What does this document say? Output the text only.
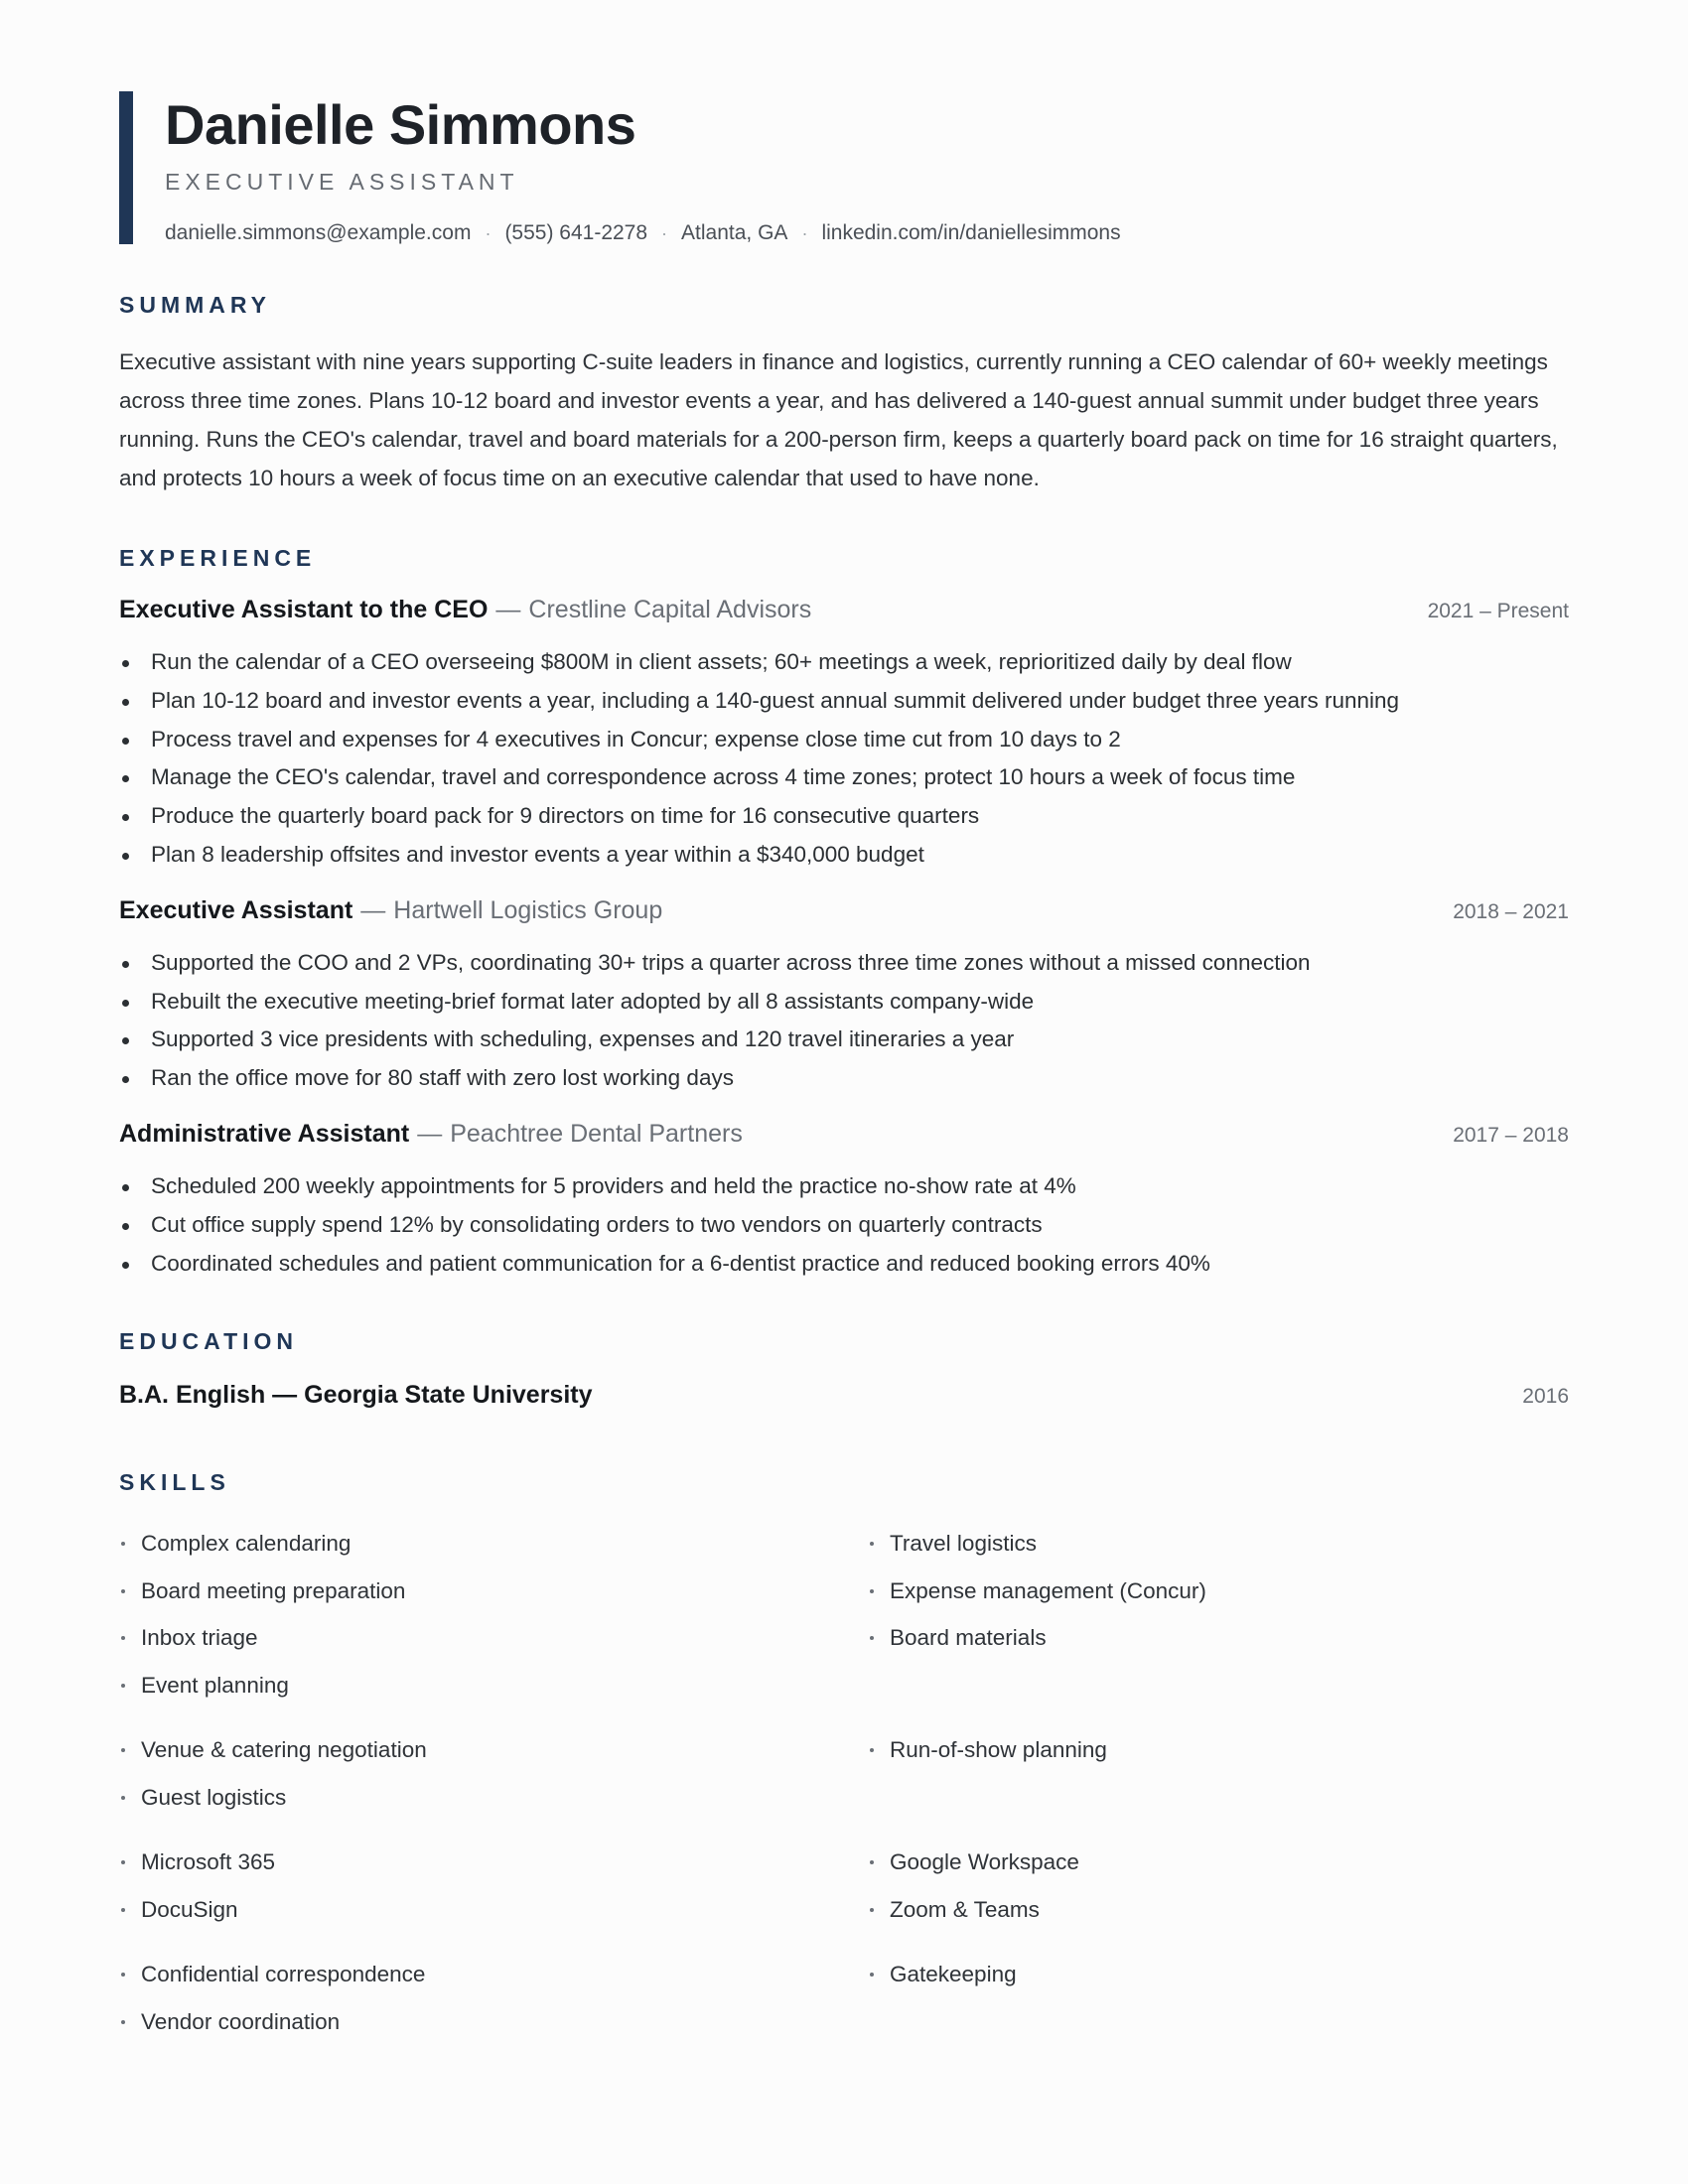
Danielle Simmons
EXECUTIVE ASSISTANT
danielle.simmons@example.com · (555) 641-2278 · Atlanta, GA · linkedin.com/in/daniellesimmons
SUMMARY

Executive assistant with nine years supporting C-suite leaders in finance and logistics, currently running a CEO calendar of 60+ weekly meetings across three time zones. Plans 10-12 board and investor events a year, and has delivered a 140-guest annual summit under budget three years running. Runs the CEO's calendar, travel and board materials for a 200-person firm, keeps a quarterly board pack on time for 16 straight quarters, and protects 10 hours a week of focus time on an executive calendar that used to have none.

EXPERIENCE
Executive Assistant to the CEO — Crestline Capital Advisors	2021 – Present
Run the calendar of a CEO overseeing $800M in client assets; 60+ meetings a week, reprioritized daily by deal flow
Plan 10-12 board and investor events a year, including a 140-guest annual summit delivered under budget three years running
Process travel and expenses for 4 executives in Concur; expense close time cut from 10 days to 2
Manage the CEO's calendar, travel and correspondence across 4 time zones; protect 10 hours a week of focus time
Produce the quarterly board pack for 9 directors on time for 16 consecutive quarters
Plan 8 leadership offsites and investor events a year within a $340,000 budget
Executive Assistant — Hartwell Logistics Group	2018 – 2021
Supported the COO and 2 VPs, coordinating 30+ trips a quarter across three time zones without a missed connection
Rebuilt the executive meeting-brief format later adopted by all 8 assistants company-wide
Supported 3 vice presidents with scheduling, expenses and 120 travel itineraries a year
Ran the office move for 80 staff with zero lost working days
Administrative Assistant — Peachtree Dental Partners	2017 – 2018
Scheduled 200 weekly appointments for 5 providers and held the practice no-show rate at 4%
Cut office supply spend 12% by consolidating orders to two vendors on quarterly contracts
Coordinated schedules and patient communication for a 6-dentist practice and reduced booking errors 40%
EDUCATION
B.A. English — Georgia State University	2016
SKILLS
Complex calendaring
Board meeting preparation
Inbox triage
Event planning
Travel logistics
Expense management (Concur)
Board materials
Venue & catering negotiation
Guest logistics
Run-of-show planning
Microsoft 365
DocuSign
Google Workspace
Zoom & Teams
Confidential correspondence
Vendor coordination
Gatekeeping
